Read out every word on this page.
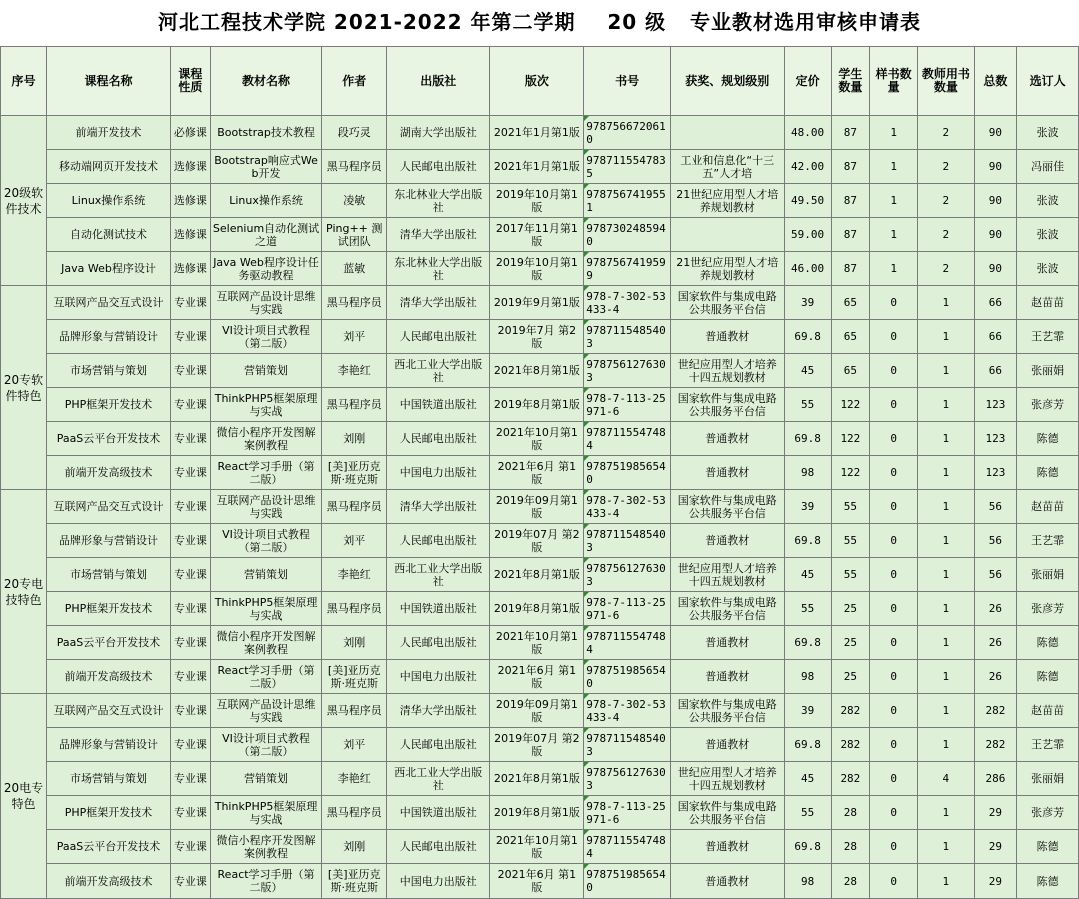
河北工程技术学院 2021-2022 年第二学期    20 级   专业教材选用审核申请表
序号	课程名称	课程性质	教材名称	作者	出版社	版次	书号	获奖、规划级别	定价	学生数量	样书数量	教师用书数量	总数	选订人
20级软件技术	前端开发技术	必修课	Bootstrap技术教程	段巧灵	湖南大学出版社	2021年1月第1版	9787566720610		48.00	87	1	2	90	张波
	移动端网页开发技术	选修课	Bootstrap响应式Web开发	黑马程序员	人民邮电出版社	2021年1月第1版	9787115547835	工业和信息化“十三五”人才培	42.00	87	1	2	90	冯丽佳
	Linux操作系统	选修课	Linux操作系统	凌敏	东北林业大学出版社	2019年10月第1版	9787567419551	21世纪应用型人才培养规划教材	49.50	87	1	2	90	张波
	自动化测试技术	选修课	Selenium自动化测试之道	Ping++ 测试团队	清华大学出版社	2017年11月第1版	9787302485940		59.00	87	1	2	90	张波
	Java Web程序设计	选修课	Java Web程序设计任务驱动教程	蓝敏	东北林业大学出版社	2019年10月第1版	9787567419599	21世纪应用型人才培养规划教材	46.00	87	1	2	90	张波
20专软件特色	互联网产品交互式设计	专业课	互联网产品设计思维与实践	黑马程序员	清华大学出版社	2019年9月第1版	978-7-302-53433-4	国家软件与集成电路公共服务平台信	39	65	0	1	66	赵苗苗
	品牌形象与营销设计	专业课	VI设计项目式教程（第二版）	刘平	人民邮电出版社	2019年7月 第2版	9787115485403	普通教材	69.8	65	0	1	66	王艺霏
	市场营销与策划	专业课	营销策划	李艳红	西北工业大学出版社	2021年8月第1版	9787561276303	世纪应用型人才培养十四五规划教材	45	65	0	1	66	张丽娟
	PHP框架开发技术	专业课	ThinkPHP5框架原理与实战	黑马程序员	中国铁道出版社	2019年8月第1版	978-7-113-25971-6	国家软件与集成电路公共服务平台信	55	122	0	1	123	张彦芳
	PaaS云平台开发技术	专业课	微信小程序开发图解案例教程	刘刚	人民邮电出版社	2021年10月第1版	9787115547484	普通教材	69.8	122	0	1	123	陈德
	前端开发高级技术	专业课	React学习手册（第二版）	[美]亚历克斯·班克斯	中国电力出版社	2021年6月 第1版	9787519856540	普通教材	98	122	0	1	123	陈德
20专电技特色	互联网产品交互式设计	专业课	互联网产品设计思维与实践	黑马程序员	清华大学出版社	2019年09月第1版	978-7-302-53433-4	国家软件与集成电路公共服务平台信	39	55	0	1	56	赵苗苗
	品牌形象与营销设计	专业课	VI设计项目式教程（第二版）	刘平	人民邮电出版社	2019年07月 第2版	9787115485403	普通教材	69.8	55	0	1	56	王艺霏
	市场营销与策划	专业课	营销策划	李艳红	西北工业大学出版社	2021年8月第1版	9787561276303	世纪应用型人才培养十四五规划教材	45	55	0	1	56	张丽娟
	PHP框架开发技术	专业课	ThinkPHP5框架原理与实战	黑马程序员	中国铁道出版社	2019年8月第1版	978-7-113-25971-6	国家软件与集成电路公共服务平台信	55	25	0	1	26	张彦芳
	PaaS云平台开发技术	专业课	微信小程序开发图解案例教程	刘刚	人民邮电出版社	2021年10月第1版	9787115547484	普通教材	69.8	25	0	1	26	陈德
	前端开发高级技术	专业课	React学习手册（第二版）	[美]亚历克斯·班克斯	中国电力出版社	2021年6月 第1版	9787519856540	普通教材	98	25	0	1	26	陈德
20电专特色	互联网产品交互式设计	专业课	互联网产品设计思维与实践	黑马程序员	清华大学出版社	2019年09月第1版	978-7-302-53433-4	国家软件与集成电路公共服务平台信	39	282	0	1	282	赵苗苗
	品牌形象与营销设计	专业课	VI设计项目式教程（第二版）	刘平	人民邮电出版社	2019年07月 第2版	9787115485403	普通教材	69.8	282	0	1	282	王艺霏
	市场营销与策划	专业课	营销策划	李艳红	西北工业大学出版社	2021年8月第1版	9787561276303	世纪应用型人才培养十四五规划教材	45	282	0	4	286	张丽娟
	PHP框架开发技术	专业课	ThinkPHP5框架原理与实战	黑马程序员	中国铁道出版社	2019年8月第1版	978-7-113-25971-6	国家软件与集成电路公共服务平台信	55	28	0	1	29	张彦芳
	PaaS云平台开发技术	专业课	微信小程序开发图解案例教程	刘刚	人民邮电出版社	2021年10月第1版	9787115547484	普通教材	69.8	28	0	1	29	陈德
	前端开发高级技术	专业课	React学习手册（第二版）	[美]亚历克斯·班克斯	中国电力出版社	2021年6月 第1版	9787519856540	普通教材	98	28	0	1	29	陈德
